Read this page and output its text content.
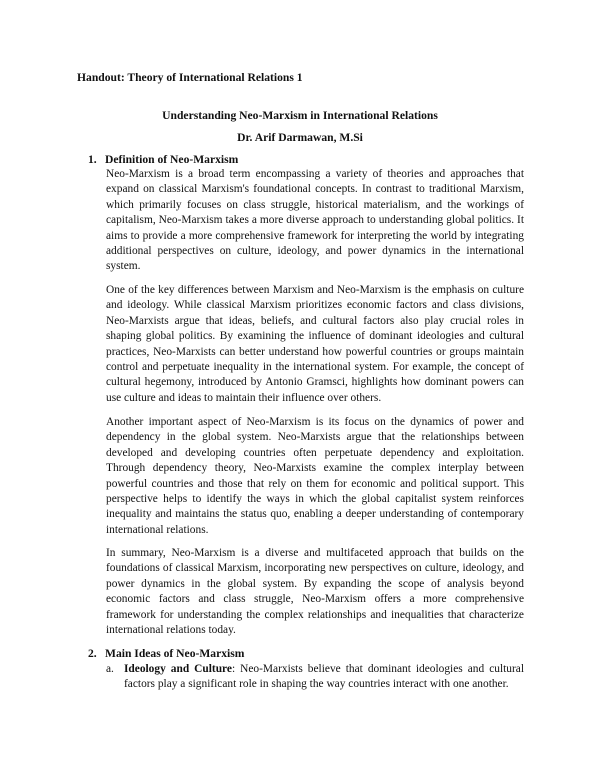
Handout: Theory of International Relations 1
Understanding Neo-Marxism in International Relations
Dr. Arif Darmawan, M.Si
1. Definition of Neo-Marxism

Neo-Marxism is a broad term encompassing a variety of theories and approaches that expand on classical Marxism's foundational concepts. In contrast to traditional Marxism, which primarily focuses on class struggle, historical materialism, and the workings of capitalism, Neo-Marxism takes a more diverse approach to understanding global politics. It aims to provide a more comprehensive framework for interpreting the world by integrating additional perspectives on culture, ideology, and power dynamics in the international system.

One of the key differences between Marxism and Neo-Marxism is the emphasis on culture and ideology. While classical Marxism prioritizes economic factors and class divisions, Neo-Marxists argue that ideas, beliefs, and cultural factors also play crucial roles in shaping global politics. By examining the influence of dominant ideologies and cultural practices, Neo-Marxists can better understand how powerful countries or groups maintain control and perpetuate inequality in the international system. For example, the concept of cultural hegemony, introduced by Antonio Gramsci, highlights how dominant powers can use culture and ideas to maintain their influence over others.

Another important aspect of Neo-Marxism is its focus on the dynamics of power and dependency in the global system. Neo-Marxists argue that the relationships between developed and developing countries often perpetuate dependency and exploitation. Through dependency theory, Neo-Marxists examine the complex interplay between powerful countries and those that rely on them for economic and political support. This perspective helps to identify the ways in which the global capitalist system reinforces inequality and maintains the status quo, enabling a deeper understanding of contemporary international relations.

In summary, Neo-Marxism is a diverse and multifaceted approach that builds on the foundations of classical Marxism, incorporating new perspectives on culture, ideology, and power dynamics in the global system. By expanding the scope of analysis beyond economic factors and class struggle, Neo-Marxism offers a more comprehensive framework for understanding the complex relationships and inequalities that characterize international relations today.

2. Main Ideas of Neo-Marxism
a. Ideology and Culture: Neo-Marxists believe that dominant ideologies and cultural factors play a significant role in shaping the way countries interact with one another.
